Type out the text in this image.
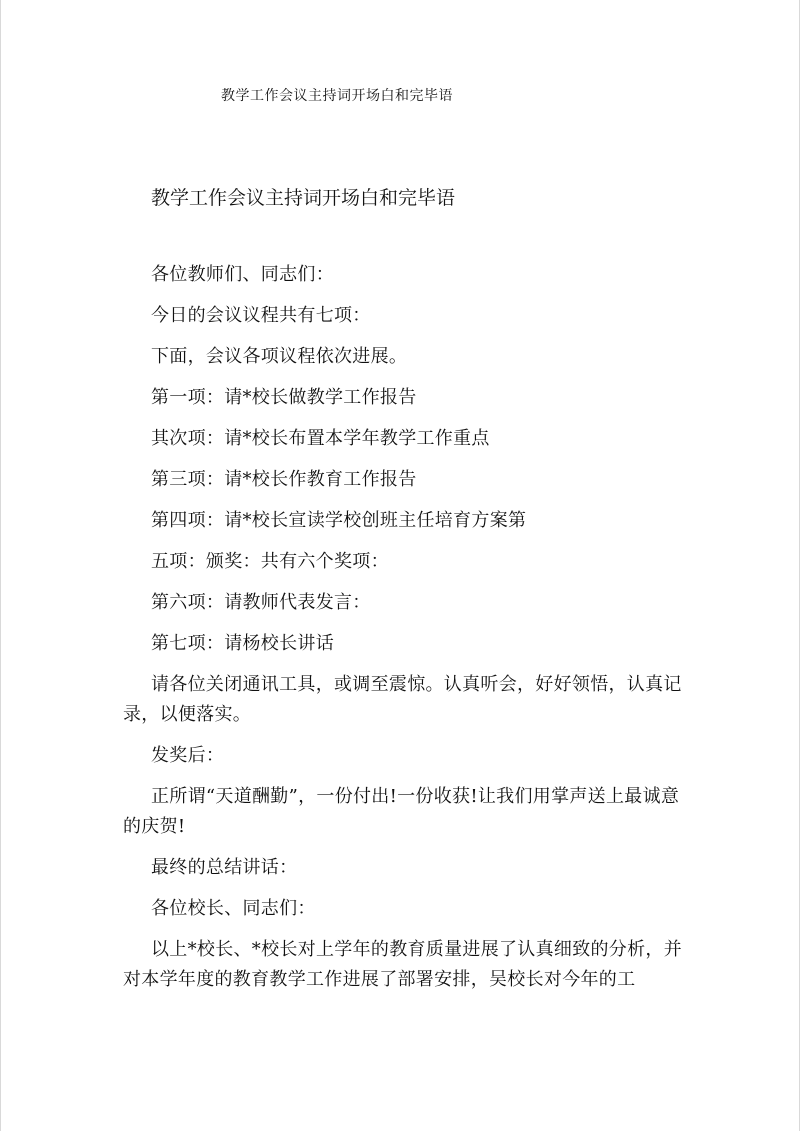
教学工作会议主持词开场白和完毕语
教学工作会议主持词开场白和完毕语

各位教师们、同志们：

今日的会议议程共有七项：

下面，会议各项议程依次进展。

第一项：请*校长做教学工作报告

其次项：请*校长布置本学年教学工作重点

第三项：请*校长作教育工作报告

第四项：请*校长宣读学校创班主任培育方案第

五项：颁奖：共有六个奖项：

第六项：请教师代表发言：

第七项：请杨校长讲话

请各位关闭通讯工具，或调至震惊。认真听会，好好领悟，认真记录，以便落实。

发奖后：

正所谓“天道酬勤”，一份付出!一份收获!让我们用掌声送上最诚意的庆贺!

最终的总结讲话：

各位校长、同志们：

以上*校长、*校长对上学年的教育质量进展了认真细致的分析，并对本学年度的教育教学工作进展了部署安排，吴校长对今年的工
